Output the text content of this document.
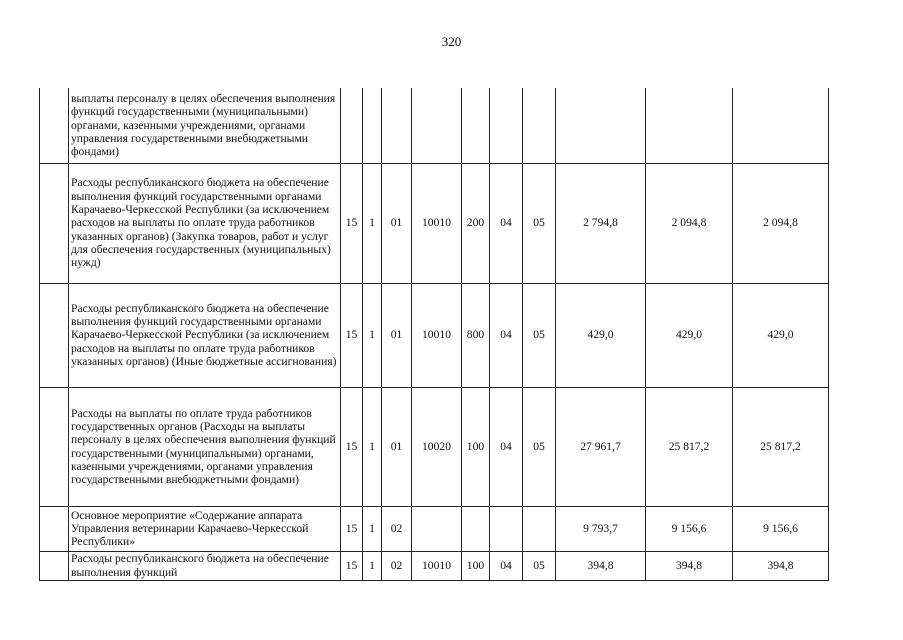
320
	выплаты персоналу в целях обеспечения выполнения функций государственными (муниципальными) органами, казенными учреждениями, органами управления государственными внебюджетными фондами)										
	Расходы республиканского бюджета на обеспечение выполнения функций государственными органами Карачаево-Черкесской Республики (за исключением расходов на выплаты по оплате труда работников указанных органов) (Закупка товаров, работ и услуг для обеспечения государственных (муниципальных) нужд)	15	1	01	10010	200	04	05	2 794,8	2 094,8	2 094,8
	Расходы республиканского бюджета на обеспечение выполнения функций государственными органами Карачаево-Черкесской Республики (за исключением расходов на выплаты по оплате труда работников указанных органов) (Иные бюджетные ассигнования)	15	1	01	10010	800	04	05	429,0	429,0	429,0
	Расходы на выплаты по оплате труда работников государственных органов (Расходы на выплаты персоналу в целях обеспечения выполнения функций государственными (муниципальными) органами, казенными учреждениями, органами управления государственными внебюджетными фондами)	15	1	01	10020	100	04	05	27 961,7	25 817,2	25 817,2
	Основное мероприятие «Содержание аппарата Управления ветеринарии Карачаево-Черкесской Республики»	15	1	02					9 793,7	9 156,6	9 156,6
	Расходы республиканского бюджета на обеспечение выполнения функций	15	1	02	10010	100	04	05	394,8	394,8	394,8
